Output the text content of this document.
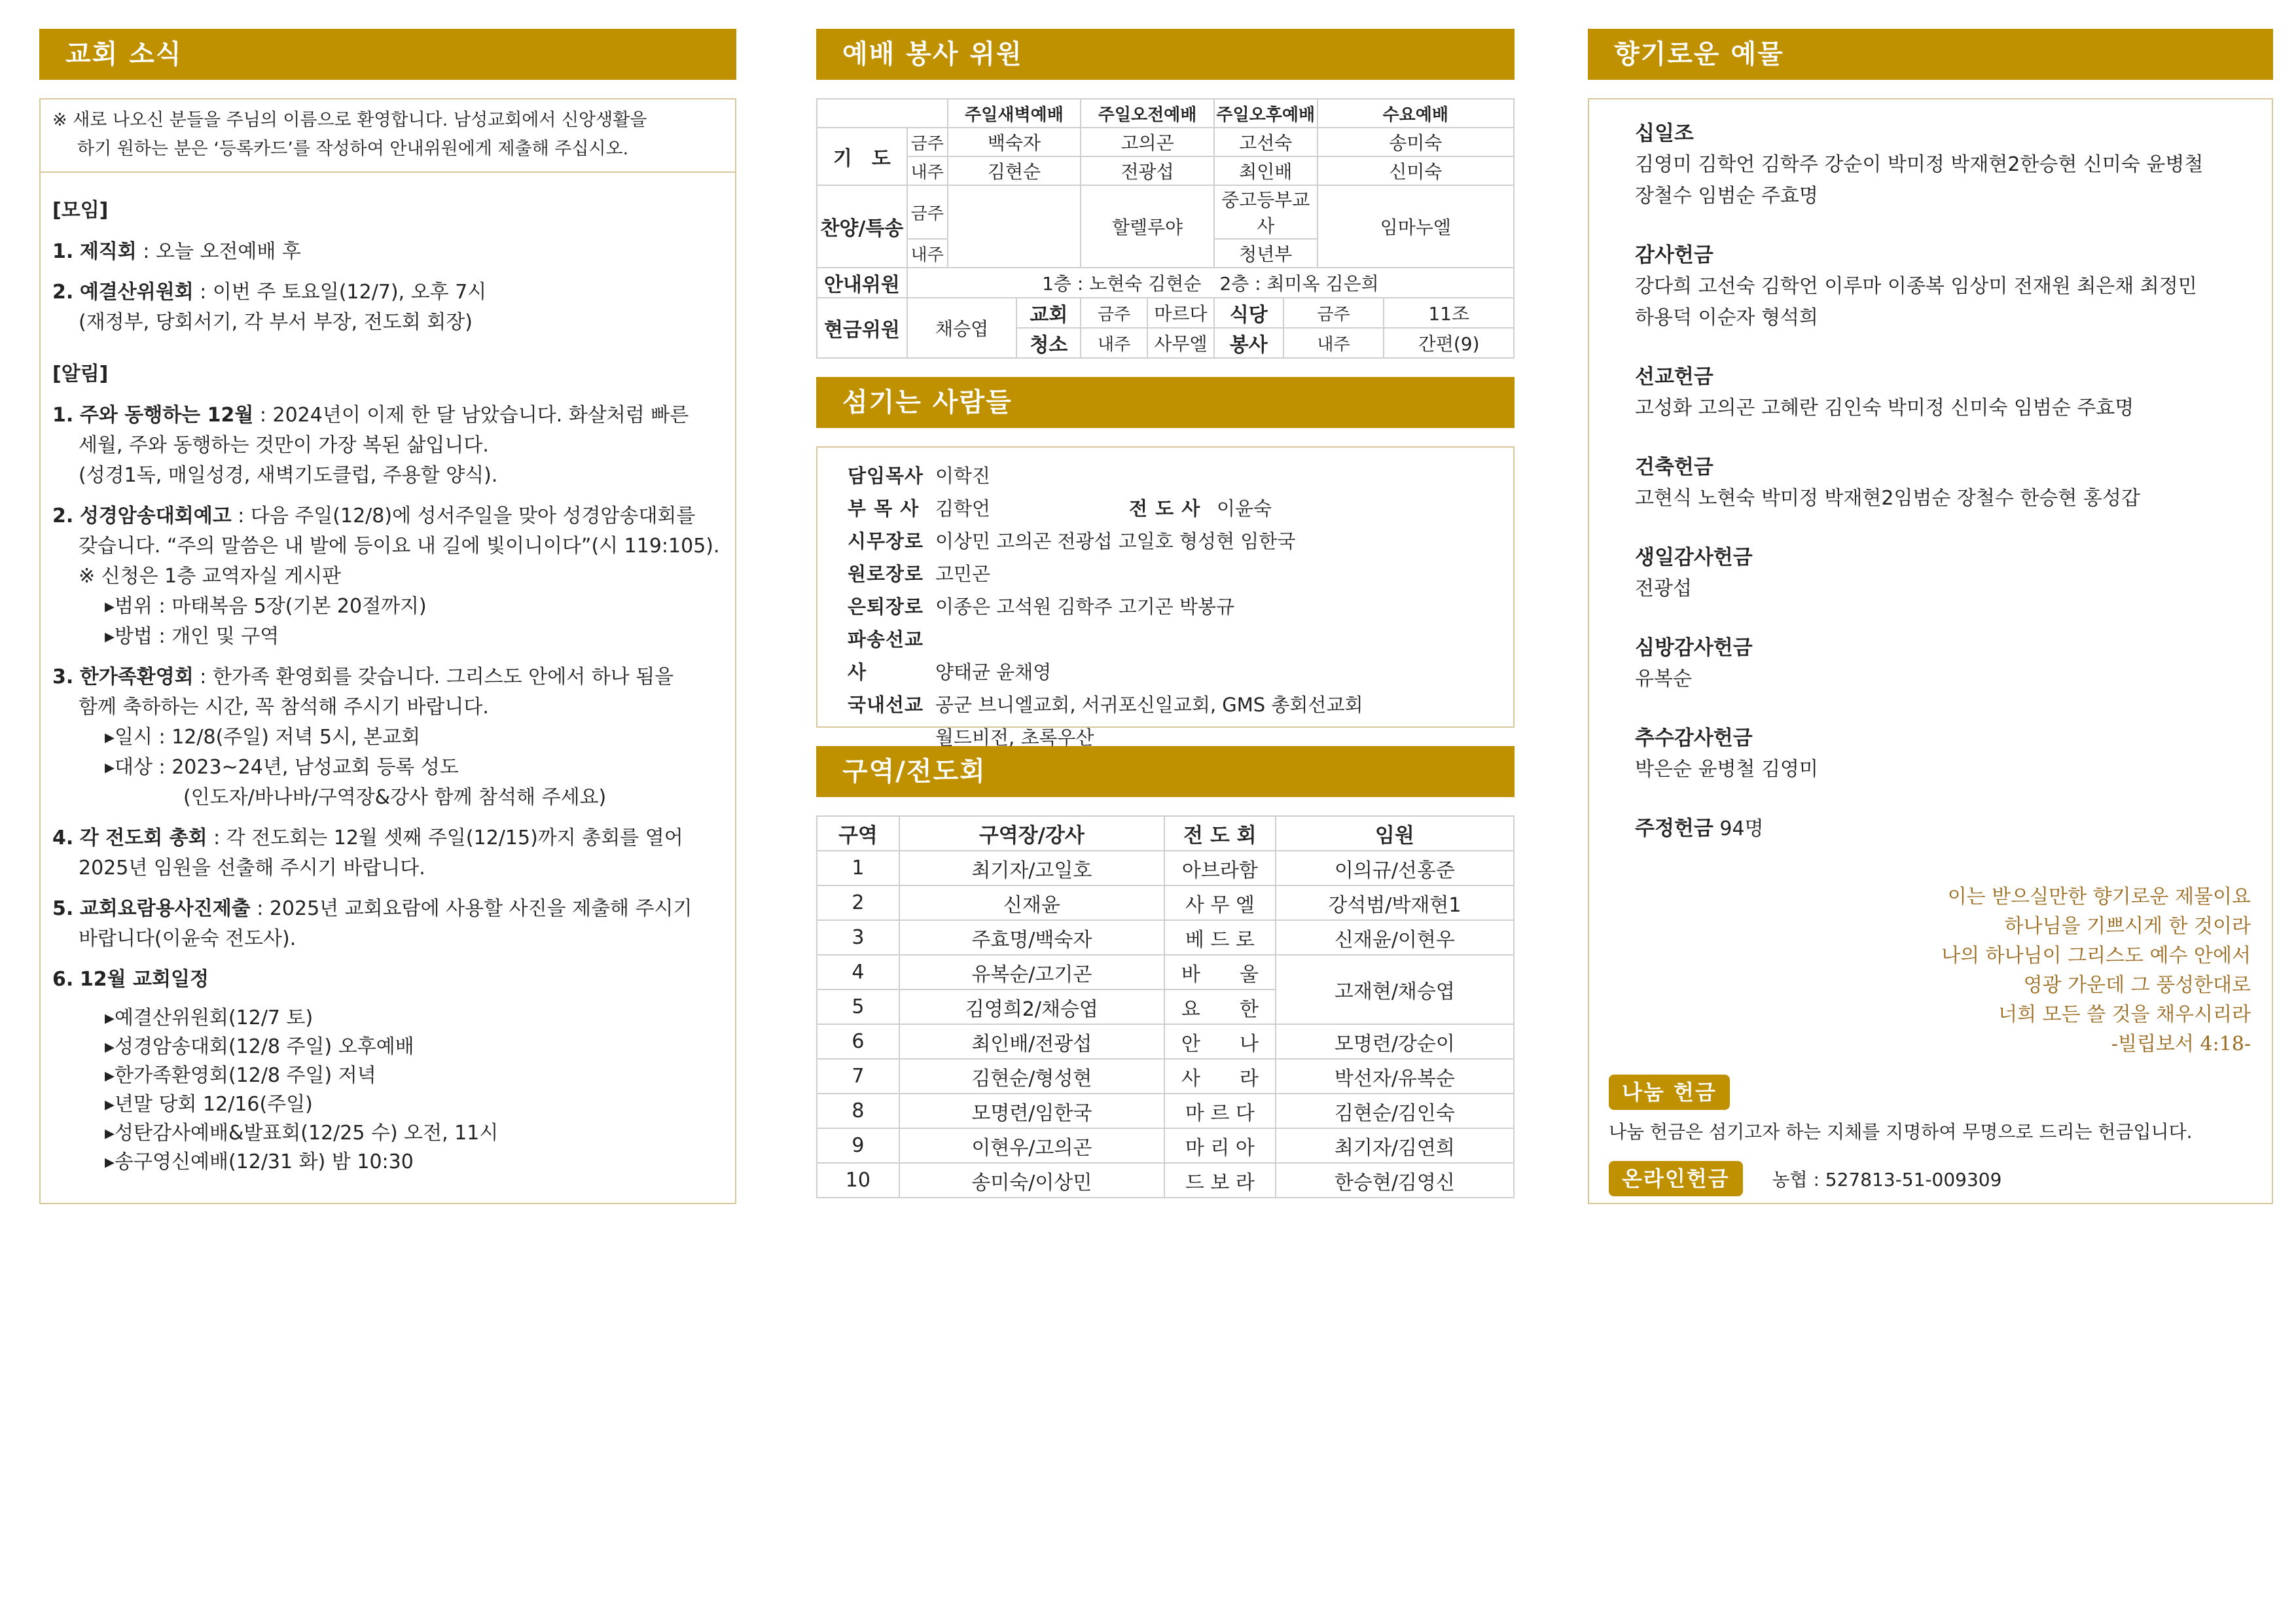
교회 소식
※ 새로 나오신 분들을 주님의 이름으로 환영합니다. 남성교회에서 신앙생활을
하기 원하는 분은 ‘등록카드’를 작성하여 안내위원에게 제출해 주십시오.
[모임]
1. 제직회 : 오늘 오전예배 후
2. 예결산위원회 : 이번 주 토요일(12/7), 오후 7시
(재정부, 당회서기, 각 부서 부장, 전도회 회장)
[알림]
1. 주와 동행하는 12월 : 2024년이 이제 한 달 남았습니다. 화살처럼 빠른
세월, 주와 동행하는 것만이 가장 복된 삶입니다.
(성경1독, 매일성경, 새벽기도클럽, 주용할 양식).
2. 성경암송대회예고 : 다음 주일(12/8)에 성서주일을 맞아 성경암송대회를
갖습니다. “주의 말씀은 내 발에 등이요 내 길에 빛이니이다”(시 119:105).
※ 신청은 1층 교역자실 게시판
▸범위 : 마태복음 5장(기본 20절까지)
▸방법 : 개인 및 구역
3. 한가족환영회 : 한가족 환영회를 갖습니다. 그리스도 안에서 하나 됨을
함께 축하하는 시간, 꼭 참석해 주시기 바랍니다.
▸일시 : 12/8(주일) 저녁 5시, 본교회
▸대상 : 2023~24년, 남성교회 등록 성도
(인도자/바나바/구역장&강사 함께 참석해 주세요)
4. 각 전도회 총회 : 각 전도회는 12월 셋째 주일(12/15)까지 총회를 열어
2025년 임원을 선출해 주시기 바랍니다.
5. 교회요람용사진제출 : 2025년 교회요람에 사용할 사진을 제출해 주시기
바랍니다(이윤숙 전도사).
6. 12월 교회일정
▸예결산위원회(12/7 토)
▸성경암송대회(12/8 주일) 오후예배
▸한가족환영회(12/8 주일) 저녁
▸년말 당회 12/16(주일)
▸성탄감사예배&발표회(12/25 수) 오전, 11시
▸송구영신예배(12/31 화) 밤 10:30
예배 봉사 위원
		주일새벽예배		주일오전예배		주일오후예배		수요예배	
기　도	금주	백숙자		고의곤		고선숙		송미숙	
	내주	김현순		전광섭		최인배		신미숙	
찬양/특송	금주			할렐루야		중고등부교사		임마누엘	
	내주					청년부			
안내위원	1층 : 노현숙 김현순　2층 : 최미옥 김은희								
현금위원	채승엽		교회	금주	마르다	식당	금주		11조
			청소	내주	사무엘	봉사	내주		간편(9)
섬기는 사람들
담임목사 이학진
부 목 사 김학언	전 도 사 이윤숙
시무장로 이상민 고의곤 전광섭 고일호 형성현 임한국
원로장로 고민곤
은퇴장로 이종은 고석원 김학주 고기곤 박봉규
파송선교사	양태균 윤채영
국내선교 공군 브니엘교회, 서귀포신일교회, GMS 총회선교회
월드비전, 초록우산
구역/전도회
구역	구역장/강사	전 도 회	임원
1	최기자/고일호	아브라함	이의규/선홍준
2	신재윤	사 무 엘	강석범/박재현1
3	주효명/백숙자	베 드 로	신재윤/이현우
4	유복순/고기곤	바　　울	고재현/채승엽
5	김영희2/채승엽	요　　한	
6	최인배/전광섭	안　　나	모명련/강순이
7	김현순/형성현	사　　라	박선자/유복순
8	모명련/임한국	마 르 다	김현순/김인숙
9	이현우/고의곤	마 리 아	최기자/김연희
10	송미숙/이상민	드 보 라	한승현/김영신
향기로운 예물
십일조
김영미 김학언 김학주 강순이 박미정 박재현2한승현 신미숙 윤병철
장철수 임범순 주효명
감사헌금
강다희 고선숙 김학언 이루마 이종복 임상미 전재원 최은채 최정민
하용덕 이순자 형석희
선교헌금
고성화 고의곤 고혜란 김인숙 박미정 신미숙 임범순 주효명
건축헌금
고현식 노현숙 박미정 박재현2임범순 장철수 한승현 홍성갑
생일감사헌금
전광섭
심방감사헌금
유복순
추수감사헌금
박은순 윤병철 김영미
주정헌금 94명
이는 받으실만한 향기로운 제물이요
하나님을 기쁘시게 한 것이라
나의 하나님이 그리스도 예수 안에서
영광 가운데 그 풍성한대로
너희 모든 쓸 것을 채우시리라
-빌립보서 4:18-
나눔 헌금
나눔 헌금은 섬기고자 하는 지체를 지명하여 무명으로 드리는 헌금입니다.
온라인헌금 농협 : 527813-51-009309
